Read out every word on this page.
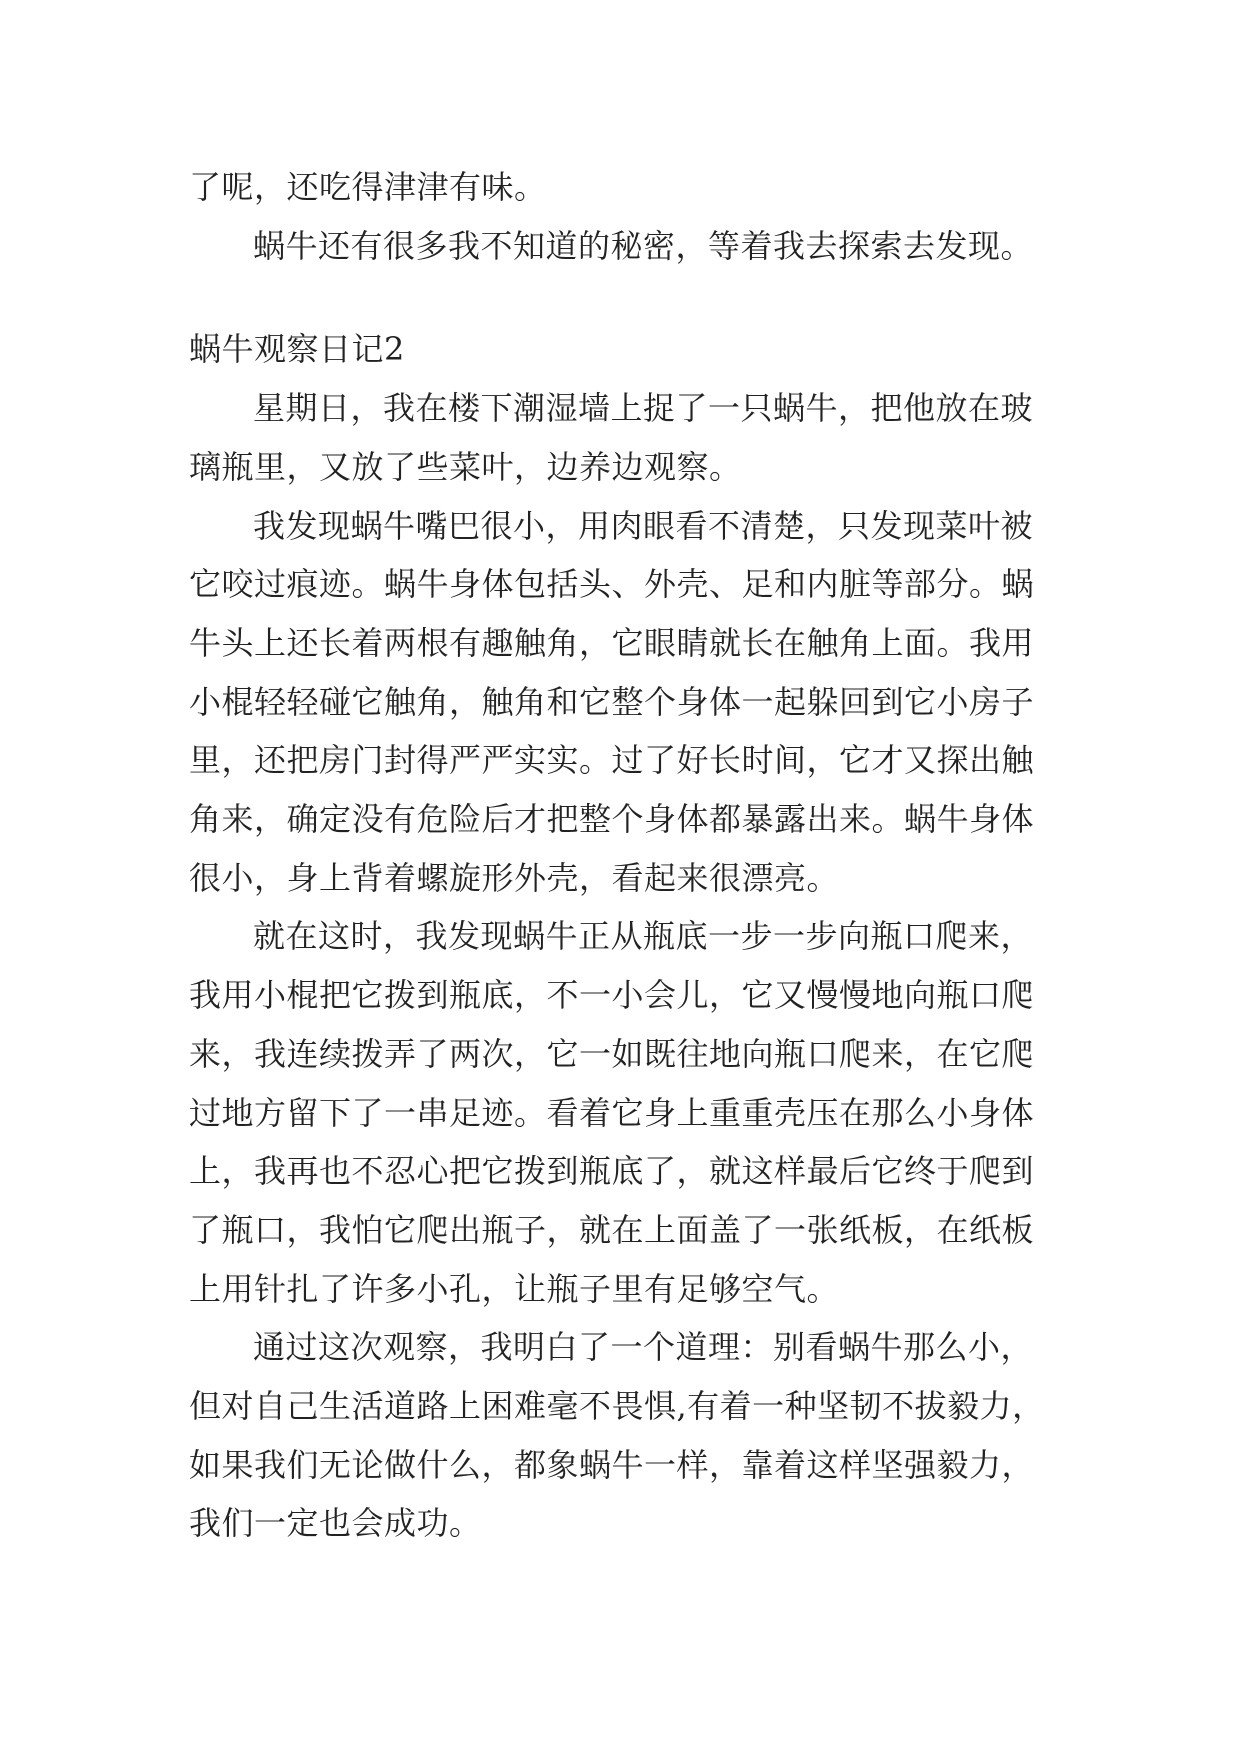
了呢，还吃得津津有味。

蜗牛还有很多我不知道的秘密，等着我去探索去发现。

蜗牛观察日记2

星期日，我在楼下潮湿墙上捉了一只蜗牛，把他放在玻
璃瓶里，又放了些菜叶，边养边观察。

我发现蜗牛嘴巴很小，用肉眼看不清楚，只发现菜叶被
它咬过痕迹。蜗牛身体包括头、外壳、足和内脏等部分。蜗
牛头上还长着两根有趣触角，它眼睛就长在触角上面。我用
小棍轻轻碰它触角，触角和它整个身体一起躲回到它小房子
里，还把房门封得严严实实。过了好长时间，它才又探出触
角来，确定没有危险后才把整个身体都暴露出来。蜗牛身体
很小，身上背着螺旋形外壳，看起来很漂亮。

就在这时，我发现蜗牛正从瓶底一步一步向瓶口爬来，
我用小棍把它拨到瓶底，不一小会儿，它又慢慢地向瓶口爬
来，我连续拨弄了两次，它一如既往地向瓶口爬来，在它爬
过地方留下了一串足迹。看着它身上重重壳压在那么小身体
上，我再也不忍心把它拨到瓶底了，就这样最后它终于爬到
了瓶口，我怕它爬出瓶子，就在上面盖了一张纸板，在纸板
上用针扎了许多小孔，让瓶子里有足够空气。

通过这次观察，我明白了一个道理：别看蜗牛那么小，
但对自己生活道路上困难毫不畏惧,有着一种坚韧不拔毅力，
如果我们无论做什么，都象蜗牛一样，靠着这样坚强毅力，
我们一定也会成功。
